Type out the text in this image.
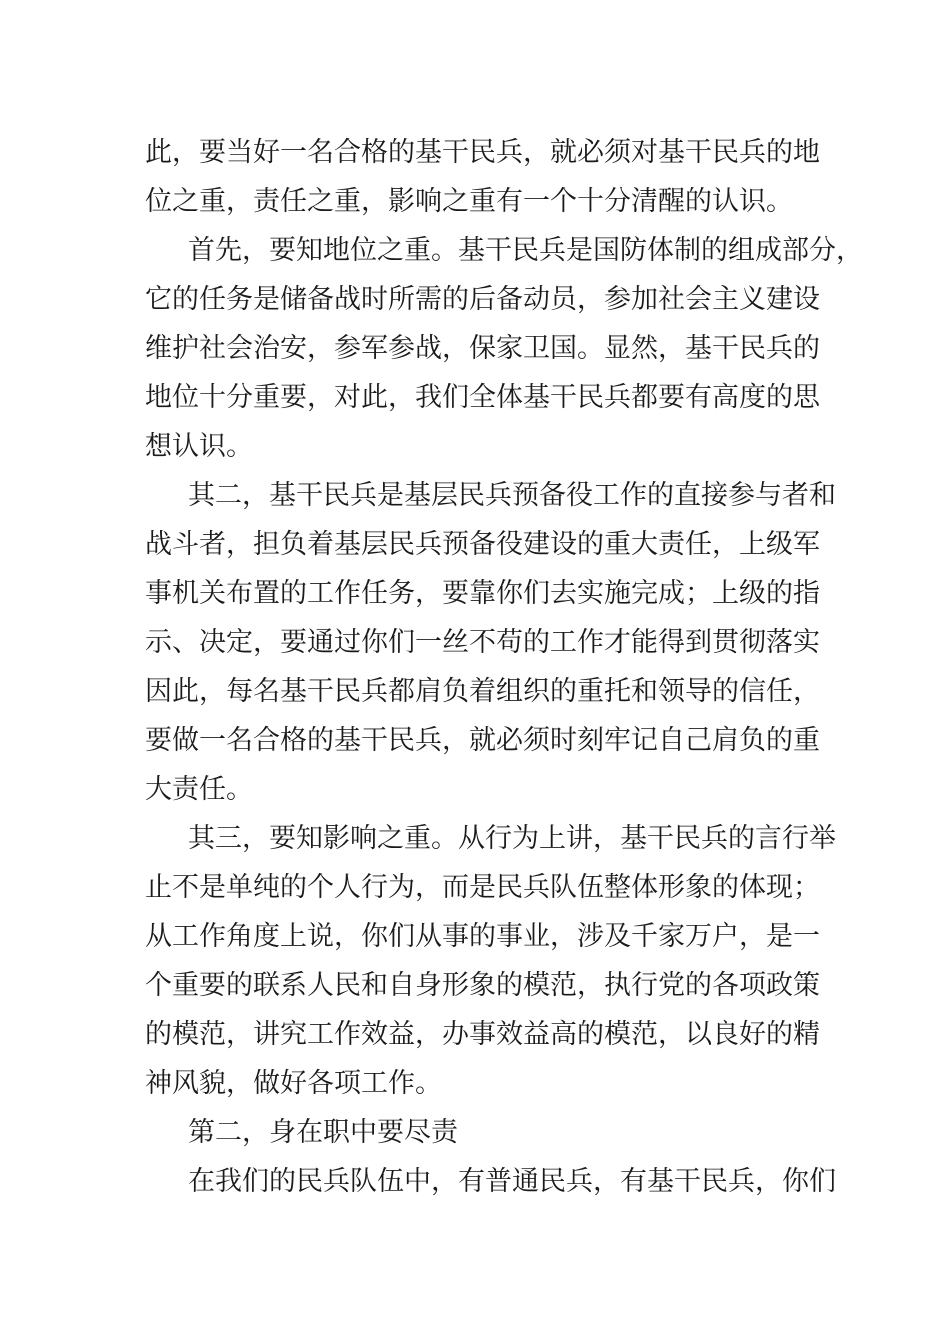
此，要当好一名合格的基干民兵，就必须对基干民兵的地
位之重，责任之重，影响之重有一个十分清醒的认识。
首先，要知地位之重。基干民兵是国防体制的组成部分，
它的任务是储备战时所需的后备动员，参加社会主义建设
维护社会治安，参军参战，保家卫国。显然，基干民兵的
地位十分重要，对此，我们全体基干民兵都要有高度的思
想认识。
其二，基干民兵是基层民兵预备役工作的直接参与者和
战斗者，担负着基层民兵预备役建设的重大责任，上级军
事机关布置的工作任务，要靠你们去实施完成；上级的指
示、决定，要通过你们一丝不苟的工作才能得到贯彻落实
因此，每名基干民兵都肩负着组织的重托和领导的信任，
要做一名合格的基干民兵，就必须时刻牢记自己肩负的重
大责任。
其三，要知影响之重。从行为上讲，基干民兵的言行举
止不是单纯的个人行为，而是民兵队伍整体形象的体现；
从工作角度上说，你们从事的事业，涉及千家万户，是一
个重要的联系人民和自身形象的模范，执行党的各项政策
的模范，讲究工作效益，办事效益高的模范，以良好的精
神风貌，做好各项工作。
第二，身在职中要尽责
在我们的民兵队伍中，有普通民兵，有基干民兵，你们
